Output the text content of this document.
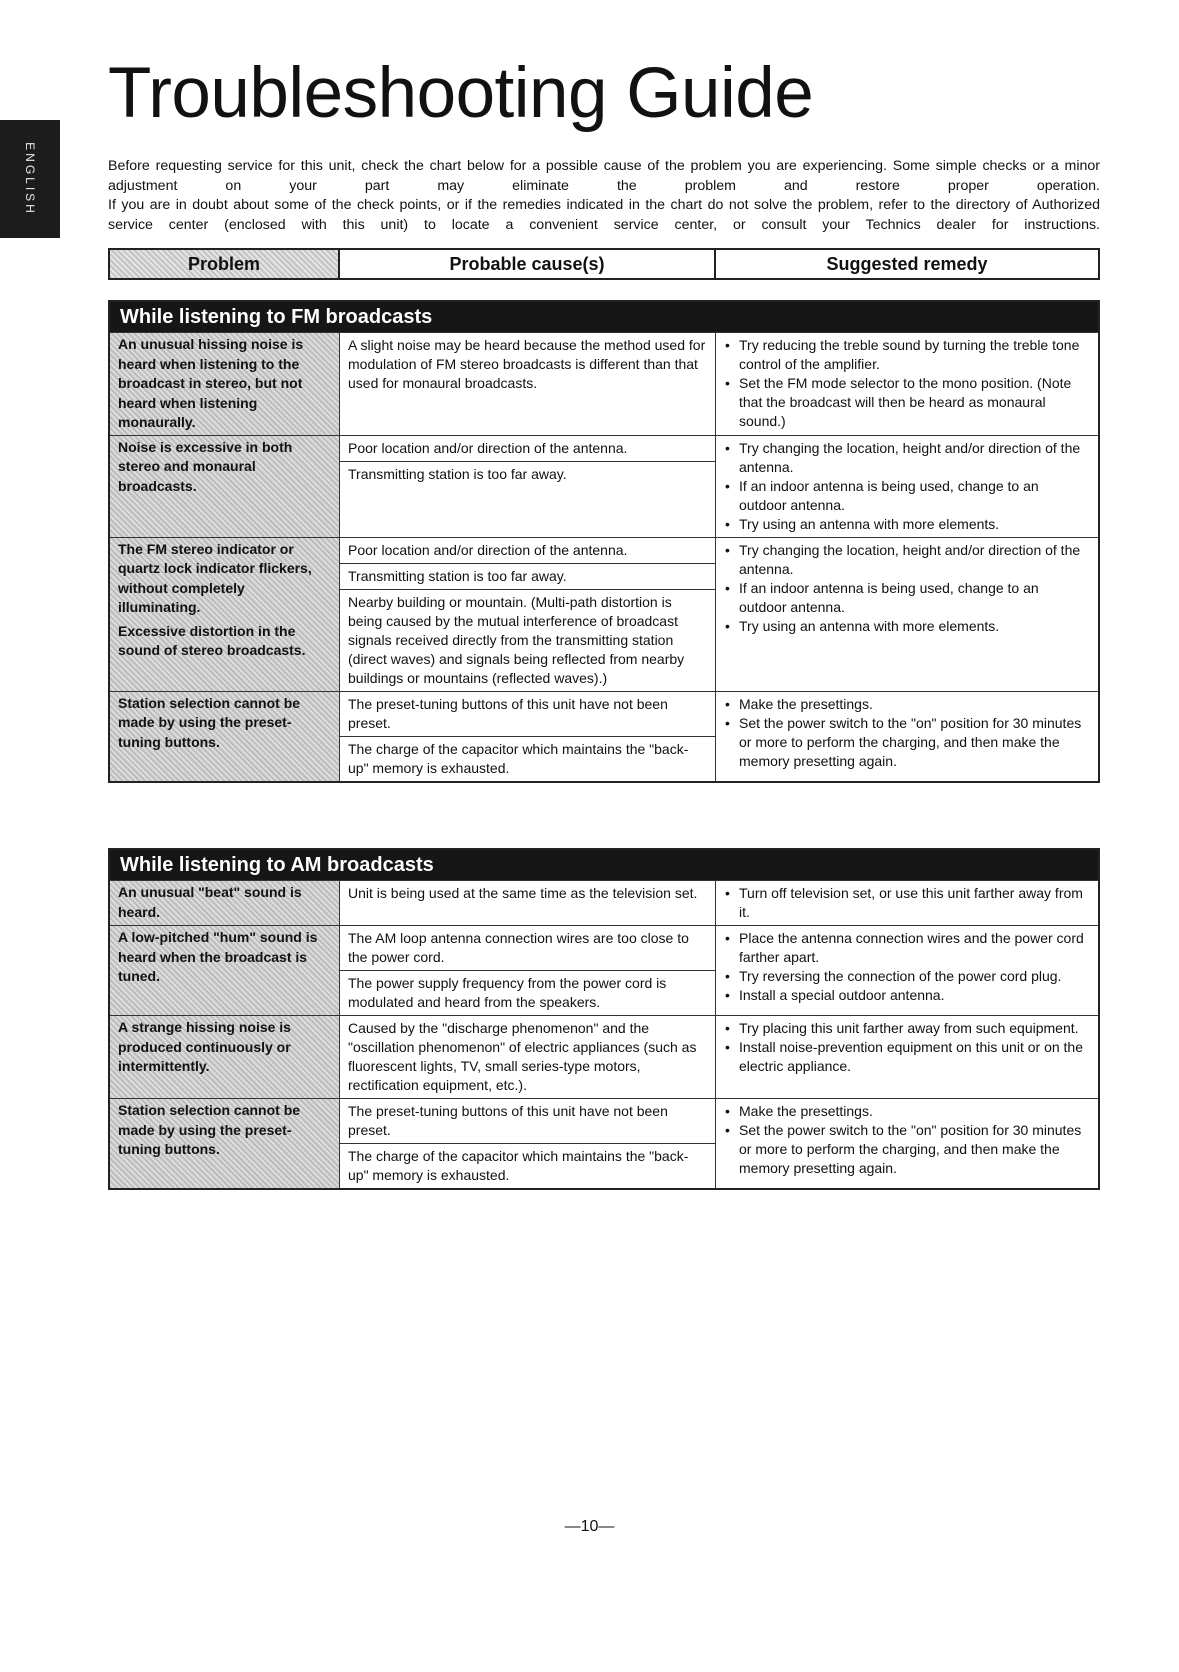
ENGLISH
Troubleshooting Guide

Before requesting service for this unit, check the chart below for a possible cause of the problem you are experiencing. Some simple checks or a minor adjustment on your part may eliminate the problem and restore proper operation.

If you are in doubt about some of the check points, or if the remedies indicated in the chart do not solve the problem, refer to the directory of Authorized service center (enclosed with this unit) to locate a convenient service center, or consult your Technics dealer for instructions.

Problem	Probable cause(s)	Suggested remedy
While listening to FM broadcasts
An unusual hissing noise is heard when listening to the broadcast in stereo, but not heard when listening monaurally.
A slight noise may be heard because the method used for modulation of FM stereo broadcasts is different than that used for monaural broadcasts.
• Try reducing the treble sound by turning the treble tone control of the amplifier.
• Set the FM mode selector to the mono position. (Note that the broadcast will then be heard as monaural sound.)
Noise is excessive in both stereo and monaural broadcasts.
Poor location and/or direction of the antenna.
Transmitting station is too far away.
• Try changing the location, height and/or direction of the antenna.
• If an indoor antenna is being used, change to an outdoor antenna.
• Try using an antenna with more elements.
The FM stereo indicator or quartz lock indicator flickers, without completely illuminating.
Excessive distortion in the sound of stereo broadcasts.
Poor location and/or direction of the antenna.
Transmitting station is too far away.
Nearby building or mountain. (Multi-path distortion is being caused by the mutual interference of broadcast signals received directly from the transmitting station (direct waves) and signals being reflected from nearby buildings or mountains (reflected waves).)
• Try changing the location, height and/or direction of the antenna.
• If an indoor antenna is being used, change to an outdoor antenna.
• Try using an antenna with more elements.
Station selection cannot be made by using the preset-tuning buttons.
The preset-tuning buttons of this unit have not been preset.
The charge of the capacitor which maintains the "back-up" memory is exhausted.
• Make the presettings.
• Set the power switch to the "on" position for 30 minutes or more to perform the charging, and then make the memory presetting again.
While listening to AM broadcasts
An unusual "beat" sound is heard.
Unit is being used at the same time as the television set.
•	Turn off television set, or use this unit farther away from it.
A low-pitched "hum" sound is heard when the broadcast is tuned.
The AM loop antenna connection wires are too close to the power cord.
The power supply frequency from the power cord is modulated and heard from the speakers.
• Place the antenna connection wires and the power cord farther apart.
• Try reversing the connection of the power cord plug.
• Install a special outdoor antenna.
A strange hissing noise is produced continuously or intermittently.
Caused by the "discharge phenomenon" and the "oscillation phenomenon" of electric appliances (such as fluorescent lights, TV, small series-type motors, rectification equipment, etc.).
• Try placing this unit farther away from such equipment.
• Install noise-prevention equipment on this unit or on the electric appliance.
Station selection cannot be made by using the preset-tuning buttons.
The preset-tuning buttons of this unit have not been preset.
The charge of the capacitor which maintains the "back-up" memory is exhausted.
• Make the presettings.
• Set the power switch to the "on" position for 30 minutes or more to perform the charging, and then make the memory presetting again.
—10—
